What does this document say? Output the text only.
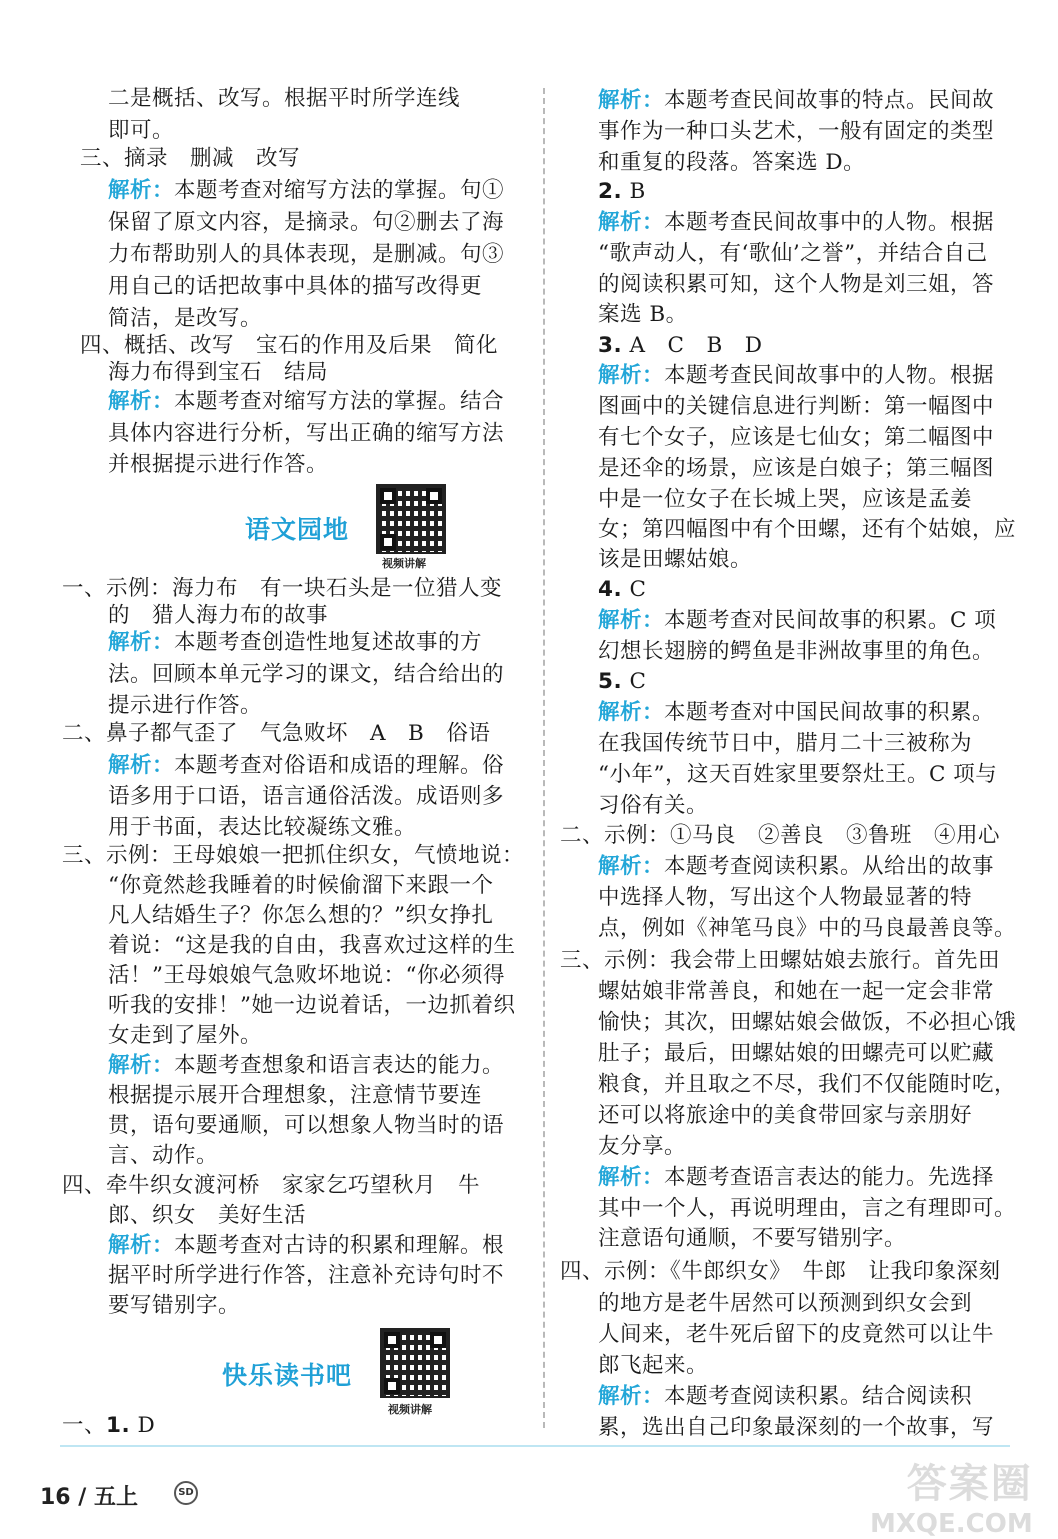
二是概括、改写。根据平时所学连线
即可。
三、摘录　删减　改写
解析：本题考查对缩写方法的掌握。句①
保留了原文内容，是摘录。句②删去了海
力布帮助别人的具体表现，是删减。句③
用自己的话把故事中具体的描写改得更
简洁，是改写。
四、概括、改写　宝石的作用及后果　简化
海力布得到宝石　结局
解析：本题考查对缩写方法的掌握。结合
具体内容进行分析，写出正确的缩写方法
并根据提示进行作答。
语文园地
视频讲解
一、示例：海力布　有一块石头是一位猎人变
的　猎人海力布的故事
解析：本题考查创造性地复述故事的方
法。回顾本单元学习的课文，结合给出的
提示进行作答。
二、鼻子都气歪了　气急败坏　A　B　俗语
解析：本题考查对俗语和成语的理解。俗
语多用于口语，语言通俗活泼。成语则多
用于书面，表达比较凝练文雅。
三、示例：王母娘娘一把抓住织女，气愤地说：
“你竟然趁我睡着的时候偷溜下来跟一个
凡人结婚生子？你怎么想的？”织女挣扎
着说：“这是我的自由，我喜欢过这样的生
活！”王母娘娘气急败坏地说：“你必须得
听我的安排！”她一边说着话，一边抓着织
女走到了屋外。
解析：本题考查想象和语言表达的能力。
根据提示展开合理想象，注意情节要连
贯，语句要通顺，可以想象人物当时的语
言、动作。
四、牵牛织女渡河桥　家家乞巧望秋月　牛
郎、织女　美好生活
解析：本题考查对古诗的积累和理解。根
据平时所学进行作答，注意补充诗句时不
要写错别字。
快乐读书吧
视频讲解
一、1. D
解析：本题考查民间故事的特点。民间故
事作为一种口头艺术，一般有固定的类型
和重复的段落。答案选 D。
2. B
解析：本题考查民间故事中的人物。根据
“歌声动人，有‘歌仙’之誉”，并结合自己
的阅读积累可知，这个人物是刘三姐，答
案选 B。
3. A　C　B　D
解析：本题考查民间故事中的人物。根据
图画中的关键信息进行判断：第一幅图中
有七个女子，应该是七仙女；第二幅图中
是还伞的场景，应该是白娘子；第三幅图
中是一位女子在长城上哭，应该是孟姜
女；第四幅图中有个田螺，还有个姑娘，应
该是田螺姑娘。
4. C
解析：本题考查对民间故事的积累。C 项
幻想长翅膀的鳄鱼是非洲故事里的角色。
5. C
解析：本题考查对中国民间故事的积累。
在我国传统节日中，腊月二十三被称为
“小年”，这天百姓家里要祭灶王。C 项与
习俗有关。
二、示例：①马良　②善良　③鲁班　④用心
解析：本题考查阅读积累。从给出的故事
中选择人物，写出这个人物最显著的特
点，例如《神笔马良》中的马良最善良等。
三、示例：我会带上田螺姑娘去旅行。首先田
螺姑娘非常善良，和她在一起一定会非常
愉快；其次，田螺姑娘会做饭，不必担心饿
肚子；最后，田螺姑娘的田螺壳可以贮藏
粮食，并且取之不尽，我们不仅能随时吃，
还可以将旅途中的美食带回家与亲朋好
友分享。
解析：本题考查语言表达的能力。先选择
其中一个人，再说明理由，言之有理即可。
注意语句通顺，不要写错别字。
四、示例：《牛郎织女》　牛郎　让我印象深刻
的地方是老牛居然可以预测到织女会到
人间来，老牛死后留下的皮竟然可以让牛
郎飞起来。
解析：本题考查阅读积累。结合阅读积
累，选出自己印象最深刻的一个故事，写
16 / 五上	SD	答案圈
MXQE.COM
